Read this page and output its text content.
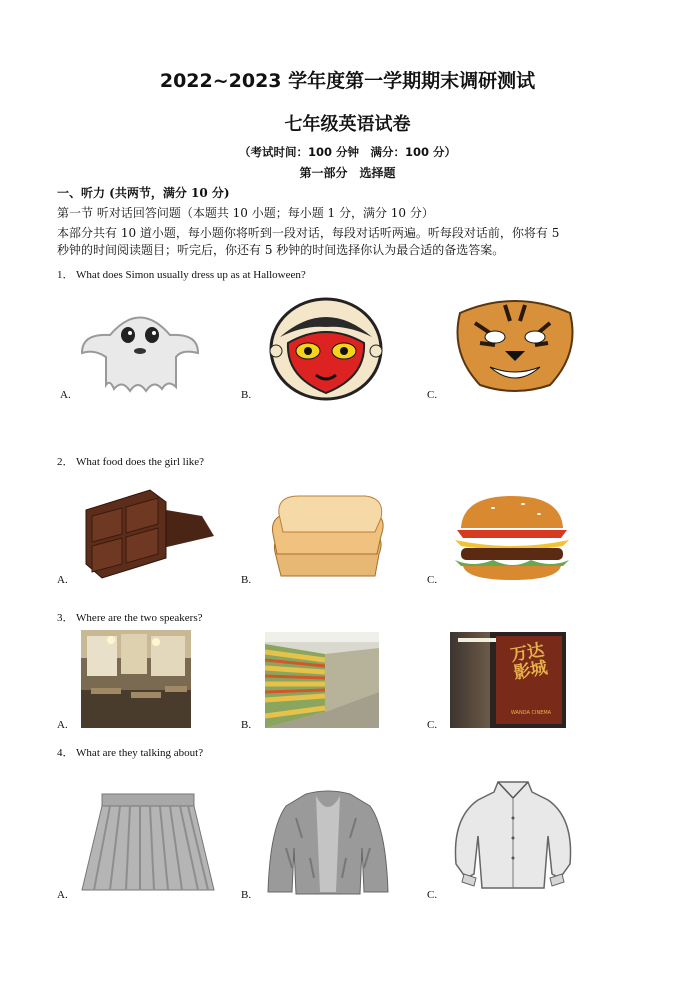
2022~2023 学年度第一学期期末调研测试
七年级英语试卷
（考试时间：100 分钟　满分：100 分）
第一部分　选择题
一、听力 (共两节，满分 10 分)
第一节 听对话回答问题（本题共 10 小题；每小题 1 分，满分 10 分）
本部分共有 10 道小题，每小题你将听到一段对话，每段对话听两遍。听每段对话前，你将有 5
秒钟的时间阅读题目；听完后，你还有 5 秒钟的时间选择你认为最合适的备选答案。
1． What does Simon usually dress up as at Halloween?
A.	B.	C.
2． What food does the girl like?
A.	B.	C.
3． Where are the two speakers?
A.	B.
万达影城
WANDA CINEMA
C.
4． What are they talking about?
A.	B.	C.
